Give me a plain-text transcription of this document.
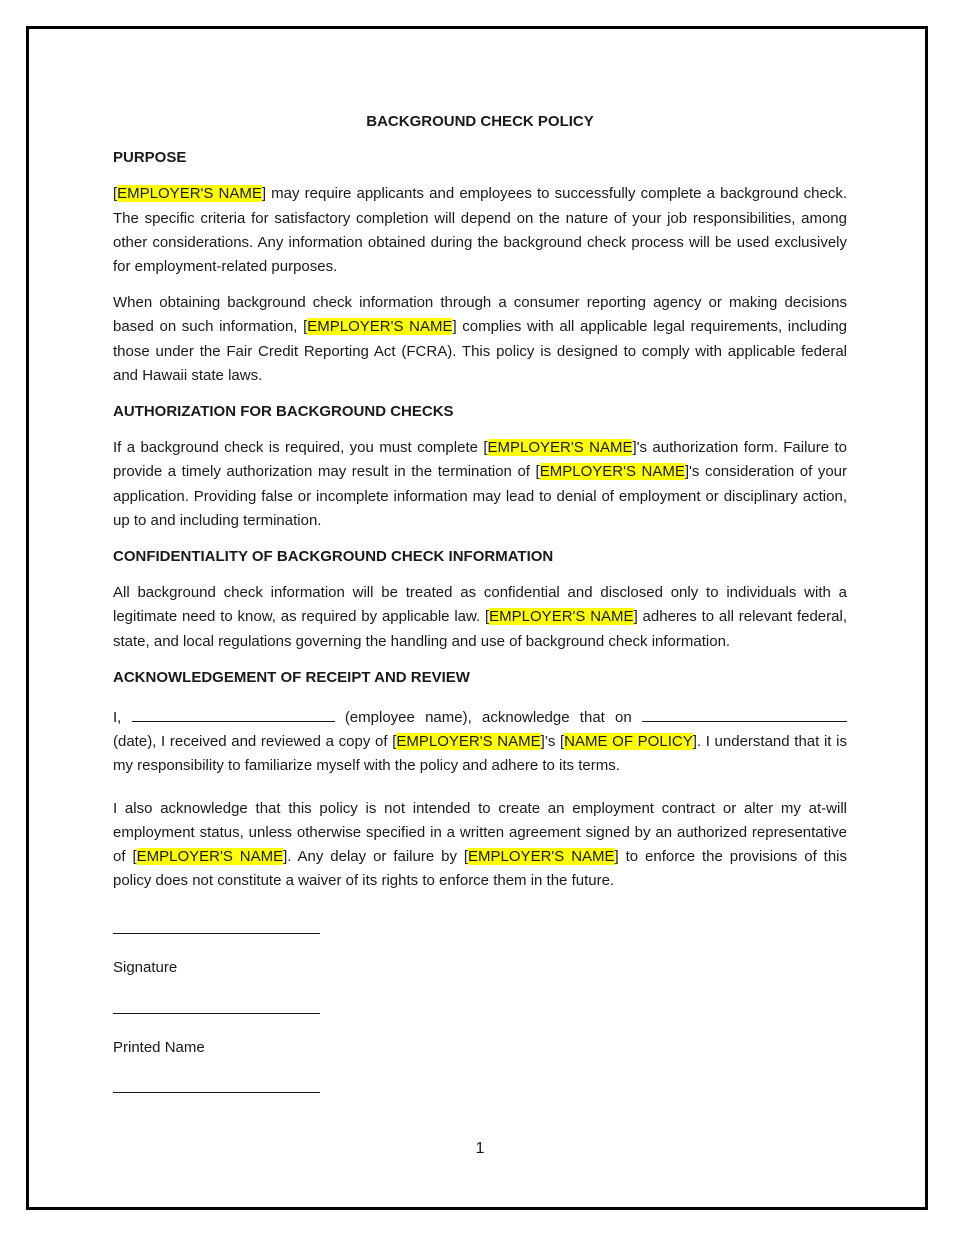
BACKGROUND CHECK POLICY

PURPOSE

[EMPLOYER'S NAME] may require applicants and employees to successfully complete a background check. The specific criteria for satisfactory completion will depend on the nature of your job responsibilities, among other considerations. Any information obtained during the background check process will be used exclusively for employment-related purposes.

When obtaining background check information through a consumer reporting agency or making decisions based on such information, [EMPLOYER'S NAME] complies with all applicable legal requirements, including those under the Fair Credit Reporting Act (FCRA). This policy is designed to comply with applicable federal and Hawaii state laws.

AUTHORIZATION FOR BACKGROUND CHECKS

If a background check is required, you must complete [EMPLOYER'S NAME]'s authorization form. Failure to provide a timely authorization may result in the termination of [EMPLOYER'S NAME]'s consideration of your application. Providing false or incomplete information may lead to denial of employment or disciplinary action, up to and including termination.

CONFIDENTIALITY OF BACKGROUND CHECK INFORMATION

All background check information will be treated as confidential and disclosed only to individuals with a legitimate need to know, as required by applicable law. [EMPLOYER'S NAME] adheres to all relevant federal, state, and local regulations governing the handling and use of background check information.

ACKNOWLEDGEMENT OF RECEIPT AND REVIEW

I,	(employee name), acknowledge that on  (date), I received and reviewed a copy of [EMPLOYER'S NAME]’s [NAME OF POLICY]. I understand that it is my responsibility to familiarize myself with the policy and adhere to its terms.

I also acknowledge that this policy is not intended to create an employment contract or alter my at-will employment status, unless otherwise specified in a written agreement signed by an authorized representative of [EMPLOYER'S NAME]. Any delay or failure by [EMPLOYER'S NAME] to enforce the provisions of this policy does not constitute a waiver of its rights to enforce them in the future.

Signature

Printed Name

1
